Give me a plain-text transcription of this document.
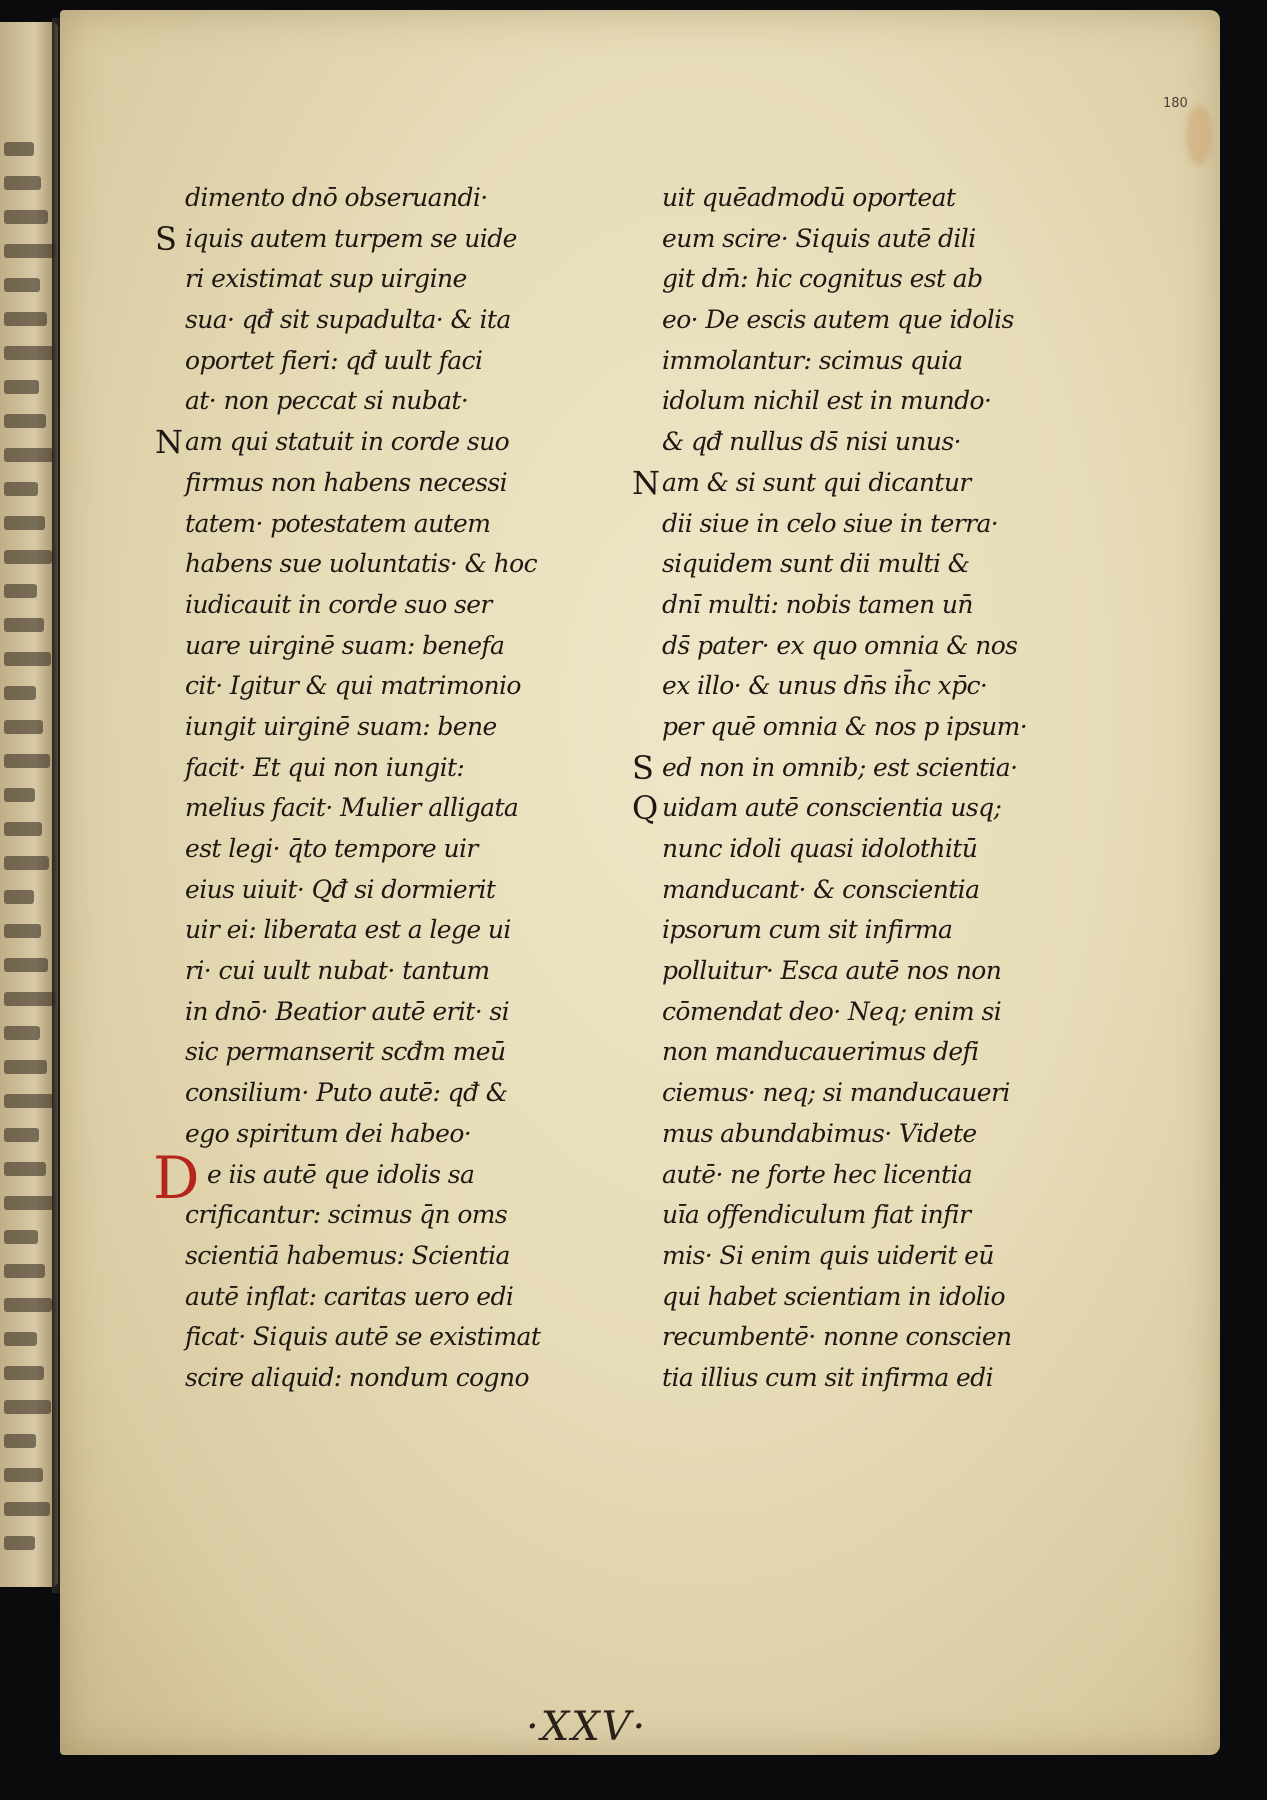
180
dimento dnō obseruandi·
S iquis autem turpem se uide
ri existimat sup uirgine
sua· qđ sit supadulta· & ita
oportet fieri: qđ uult faci
at· non peccat si nubat·
N am qui statuit in corde suo
firmus non habens necessi
tatem· potestatem autem
habens sue uoluntatis· & hoc
iudicauit in corde suo ser
uare uirginē suam: benefa
cit· Igitur & qui matrimonio
iungit uirginē suam: bene
facit· Et qui non iungit:
melius facit· Mulier alligata
est legi· q̄to tempore uir
eius uiuit· Qđ si dormierit
uir ei: liberata est a lege ui
ri· cui uult nubat· tantum
in dnō· Beatior autē erit· si
sic permanserit scđm meū
consilium· Puto autē: qđ &
ego spiritum dei habeo·
D e iis autē que idolis sa
crificantur: scimus q̄n oms
scientiā habemus: Scientia
autē inflat: caritas uero edi
ficat· Siquis autē se existimat
scire aliquid: nondum cogno
uit quēadmodū oporteat
eum scire· Siquis autē dili
git dm̄: hic cognitus est ab
eo· De escis autem que idolis
immolantur: scimus quia
idolum nichil est in mundo·
& qđ nullus ds̄ nisi unus·
N am & si sunt qui dicantur
dii siue in celo siue in terra·
siquidem sunt dii multi &
dnī multi: nobis tamen un̄
ds̄ pater· ex quo omnia & nos
ex illo· & unus dn̄s ih̄c xp̄c·
per quē omnia & nos p ipsum·
S ed non in omnib; est scientia·
Q uidam autē conscientia usq;
nunc idoli quasi idolothitū
manducant· & conscientia
ipsorum cum sit infirma
polluitur· Esca autē nos non
cōmendat deo· Neq; enim si
non manducauerimus defi
ciemus· neq; si manducaueri
mus abundabimus· Videte
autē· ne forte hec licentia
uīa offendiculum fiat infir
mis· Si enim quis uiderit eū
qui habet scientiam in idolio
recumbentē· nonne conscien
tia illius cum sit infirma edi
·XXV·
